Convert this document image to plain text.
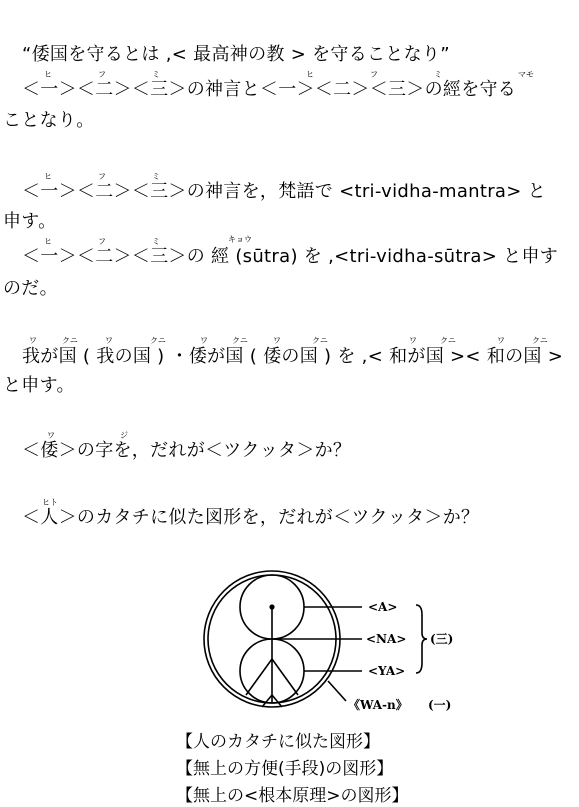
“倭国を守るとは ,< 最高神の教 > を守ることなり”
＜一＞＜二＞＜三＞の神言と＜一＞＜二＞＜三＞の經を守る
ことなり。
＜一＞＜二＞＜三＞の神言を，梵語で <tri-vidha-mantra> と
申す。
＜一＞＜二＞＜三＞の 經 (sūtra) を ,<tri-vidha-sūtra> と申す
のだ。
我が国 ( 我の国 ) ・倭が国 ( 倭の国 ) を ,< 和が国 >< 和の国 >
と申す。
＜倭＞の字を，だれが＜ツクッタ＞か？
＜人＞のカタチに似た図形を，だれが＜ツクッタ＞か？
ヒ	フ	ミ	ヒ	フ	ミ	マモ
ヒ	フ	ミ
ヒ	フ	ミ	キョウ
ワ	クニ	ワ	クニ	ワ	クニ	ワ	クニ	ワ	クニ	ワ	クニ
ワ	ジ
ヒト
<A>
<NA>
<YA>
(三)
《WA-n》 (一)
【人のカタチに似た図形】
【無上の方便(手段)の図形】
【無上の<根本原理>の図形】
